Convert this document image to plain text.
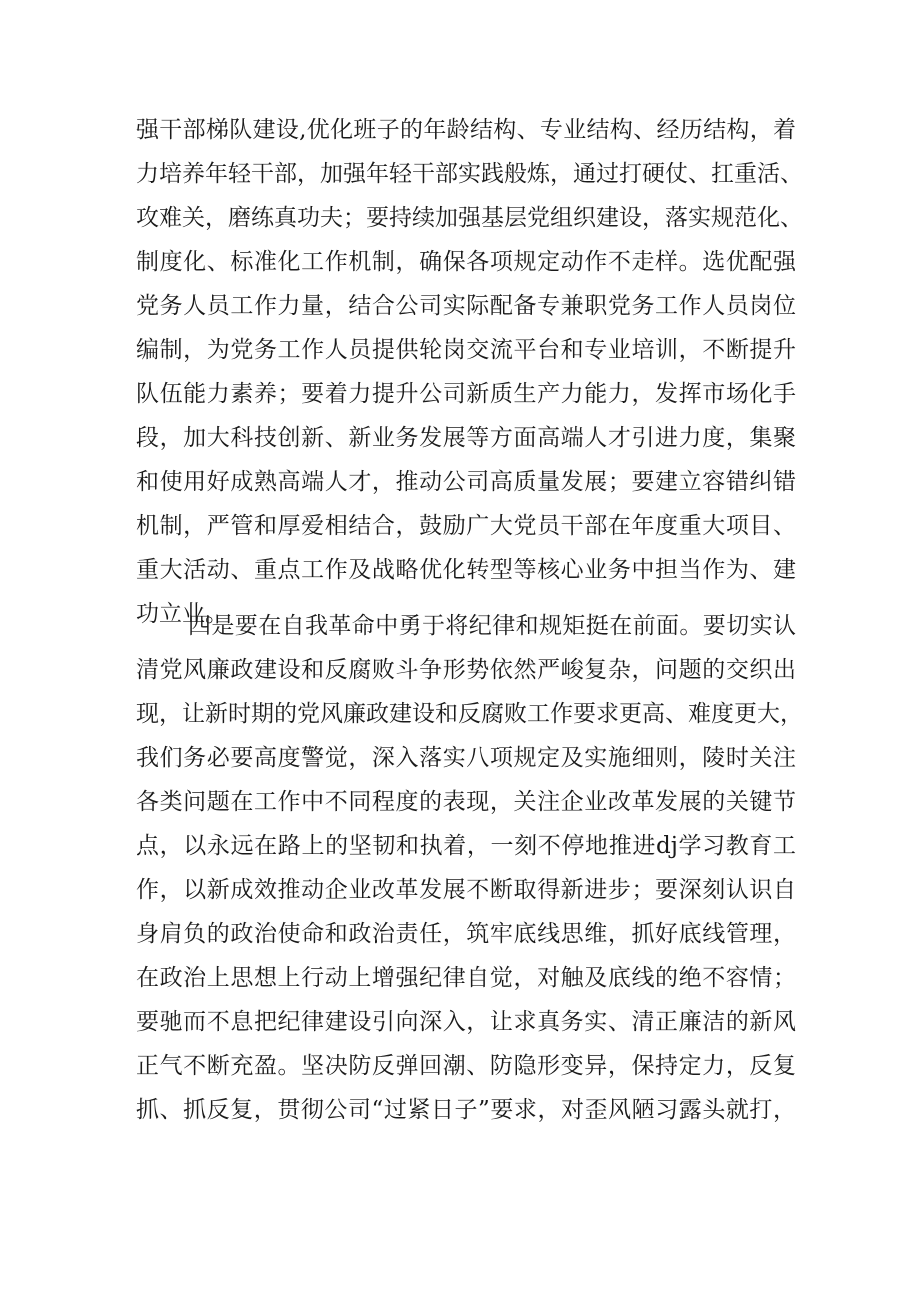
强干部梯队建设,优化班子的年龄结构、专业结构、经历结构，着
力培养年轻干部，加强年轻干部实践般炼，通过打硬仗、扛重活、
攻难关，磨练真功夫；要持续加强基层党组织建设，落实规范化、
制度化、标准化工作机制，确保各项规定动作不走样。选优配强
党务人员工作力量，结合公司实际配备专兼职党务工作人员岗位
编制，为党务工作人员提供轮岗交流平台和专业培训，不断提升
队伍能力素养；要着力提升公司新质生产力能力，发挥市场化手
段，加大科技创新、新业务发展等方面高端人才引进力度，集聚
和使用好成熟高端人才，推动公司高质量发展；要建立容错纠错
机制，严管和厚爱相结合，鼓励广大党员干部在年度重大项目、
重大活动、重点工作及战略优化转型等核心业务中担当作为、建
功立业。
四是要在自我革命中勇于将纪律和规矩挺在前面。要切实认
清党风廉政建设和反腐败斗争形势依然严峻复杂，问题的交织出
现，让新时期的党风廉政建设和反腐败工作要求更高、难度更大，
我们务必要高度警觉，深入落实八项规定及实施细则，陵时关注
各类问题在工作中不同程度的表现，关注企业改革发展的关键节
点，以永远在路上的坚韧和执着，一刻不停地推进dj学习教育工
作，以新成效推动企业改革发展不断取得新进步；要深刻认识自
身肩负的政治使命和政治责任，筑牢底线思维，抓好底线管理，
在政治上思想上行动上增强纪律自觉，对触及底线的绝不容情；
要驰而不息把纪律建设引向深入，让求真务实、清正廉洁的新风
正气不断充盈。坚决防反弹回潮、防隐形变异，保持定力，反复
抓、抓反复，贯彻公司“过紧日子”要求，对歪风陋习露头就打，
